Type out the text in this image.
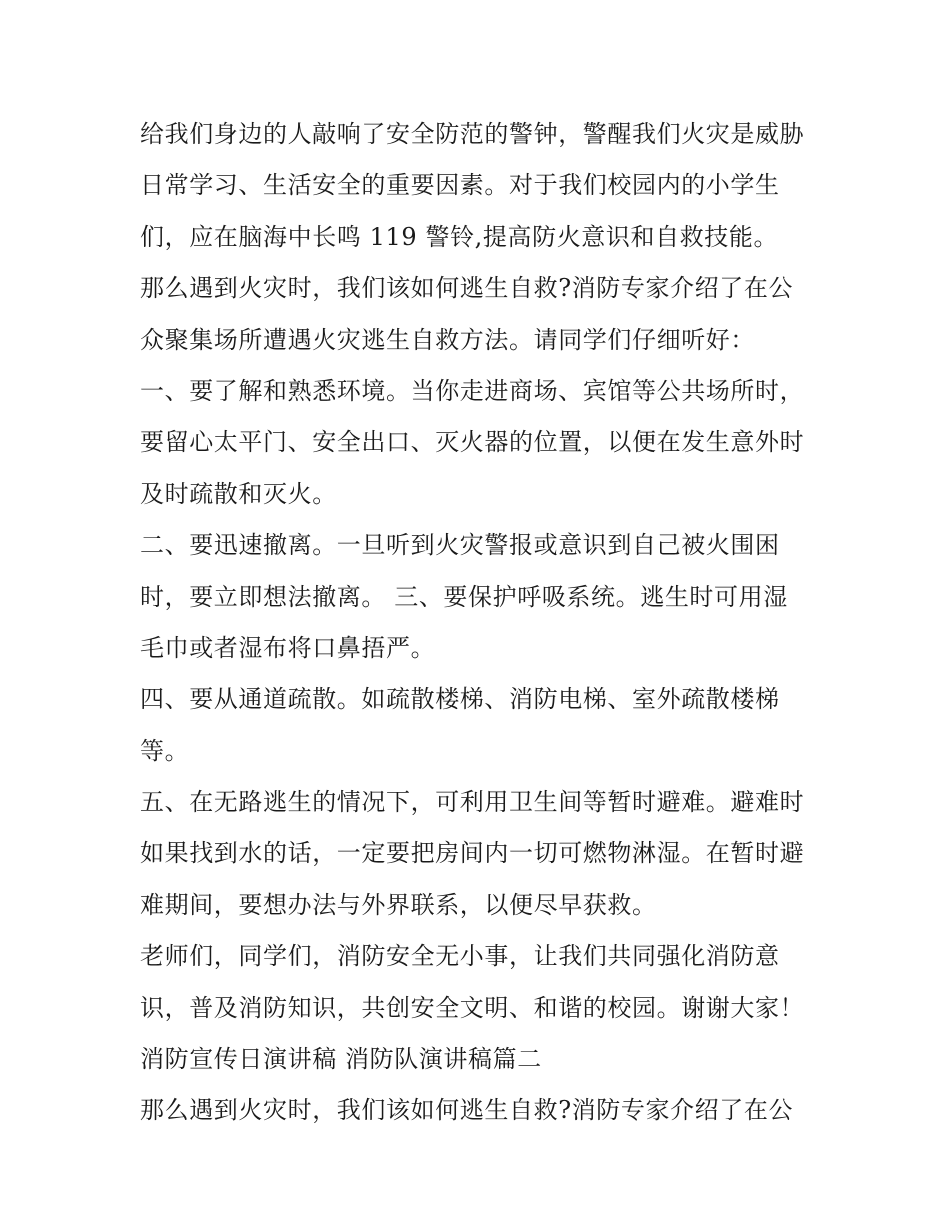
给我们身边的人敲响了安全防范的警钟，警醒我们火灾是威胁
日常学习、生活安全的重要因素。对于我们校园内的小学生
们，应在脑海中长鸣 119 警铃,提高防火意识和自救技能。
那么遇到火灾时，我们该如何逃生自救?消防专家介绍了在公
众聚集场所遭遇火灾逃生自救方法。请同学们仔细听好：
一、要了解和熟悉环境。当你走进商场、宾馆等公共场所时，
要留心太平门、安全出口、灭火器的位置，以便在发生意外时
及时疏散和灭火。
二、要迅速撤离。一旦听到火灾警报或意识到自己被火围困
时，要立即想法撤离。 三、要保护呼吸系统。逃生时可用湿
毛巾或者湿布将口鼻捂严。
四、要从通道疏散。如疏散楼梯、消防电梯、室外疏散楼梯
等。
五、在无路逃生的情况下，可利用卫生间等暂时避难。避难时
如果找到水的话，一定要把房间内一切可燃物淋湿。在暂时避
难期间，要想办法与外界联系，以便尽早获救。
老师们，同学们，消防安全无小事，让我们共同强化消防意
识，普及消防知识，共创安全文明、和谐的校园。谢谢大家！
消防宣传日演讲稿 消防队演讲稿篇二
那么遇到火灾时，我们该如何逃生自救?消防专家介绍了在公
